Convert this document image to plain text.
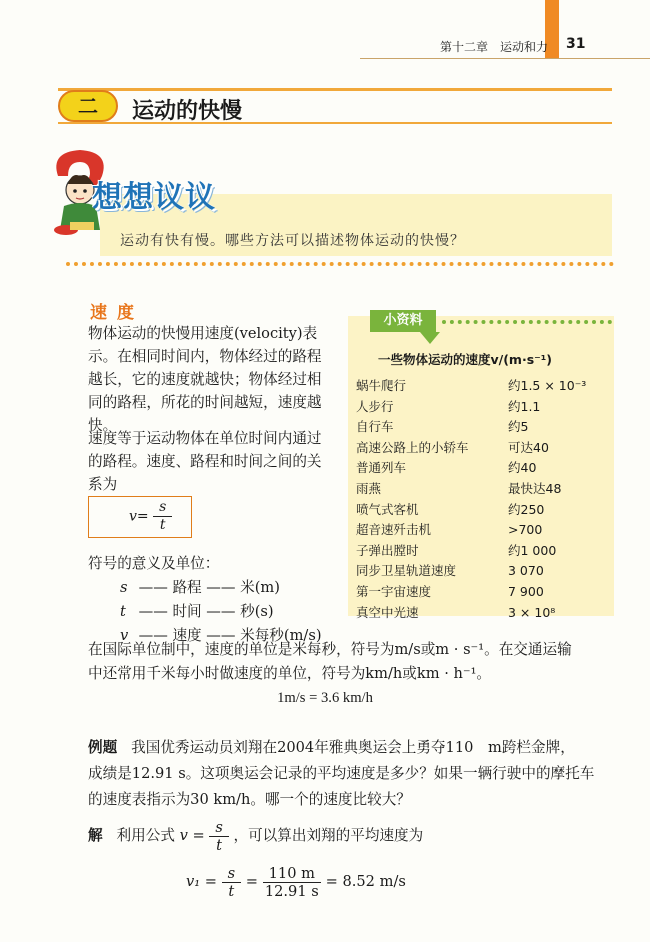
第十二章　运动和力 31
二	运动的快慢
想想议议
运动有快有慢。哪些方法可以描述物体运动的快慢？
速度
物体运动的快慢用速度(velocity)表示。在相同时间内，物体经过的路程越长，它的速度就越快；物体经过相同的路程，所花的时间越短，速度越快。
速度等于运动物体在单位时间内通过的路程。速度、路程和时间之间的关系为
$v= \frac{s}{t}$
符号的意义及单位：
s —— 路程 —— 米(m)
t —— 时间 —— 秒(s)
v —— 速度 —— 米每秒(m/s)
小资料
一些物体运动的速度v/(m·s⁻¹)
蜗牛爬行	约1.5 × 10⁻³
人步行	约1.1
自行车	约5
高速公路上的小轿车	可达40
普通列车	约40
雨燕	最快达48
喷气式客机	约250
超音速歼击机	>700
子弹出膛时	约1 000
同步卫星轨道速度	3 070
第一宇宙速度	7 900
真空中光速	3 × 10⁸
在国际单位制中，速度的单位是米每秒，符号为m/s或m · s⁻¹。在交通运输
中还常用千米每小时做速度的单位，符号为km/h或km · h⁻¹。
1m/s = 3.6 km/h
例题 我国优秀运动员刘翔在2004年雅典奥运会上勇夺110　m跨栏金牌，
成绩是12.91 s。这项奥运会记录的平均速度是多少？如果一辆行驶中的摩托车
的速度表指示为30 km/h。哪一个的速度比较大？
解 利用公式 $v = \frac{s}{t}$ ，可以算出刘翔的平均速度为
$v_1 = \frac{s}{t} = \frac{110 m}{12.91 s} = 8.52$ m/s
